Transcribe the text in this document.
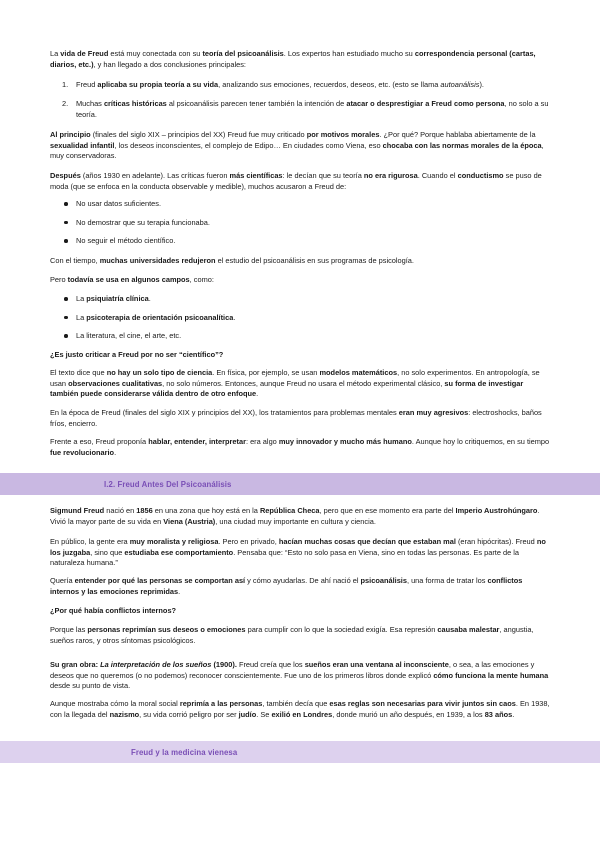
La vida de Freud está muy conectada con su teoría del psicoanálisis. Los expertos han estudiado mucho su correspondencia personal (cartas, diarios, etc.), y han llegado a dos conclusiones principales:

1. Freud aplicaba su propia teoría a su vida, analizando sus emociones, recuerdos, deseos, etc. (esto se llama autoanálisis).
2. Muchas críticas históricas al psicoanálisis parecen tener también la intención de atacar o desprestigiar a Freud como persona, no solo a su teoría.

Al principio (finales del siglo XIX – principios del XX) Freud fue muy criticado por motivos morales. ¿Por qué? Porque hablaba abiertamente de la sexualidad infantil, los deseos inconscientes, el complejo de Edipo… En ciudades como Viena, eso chocaba con las normas morales de la época, muy conservadoras.

Después (años 1930 en adelante). Las críticas fueron más científicas: le decían que su teoría no era rigurosa. Cuando el conductismo se puso de moda (que se enfoca en la conducta observable y medible), muchos acusaron a Freud de:

No usar datos suficientes.
No demostrar que su terapia funcionaba.
No seguir el método científico.

Con el tiempo, muchas universidades redujeron el estudio del psicoanálisis en sus programas de psicología.

Pero todavía se usa en algunos campos, como:

La psiquiatría clínica.
La psicoterapia de orientación psicoanalítica.
La literatura, el cine, el arte, etc.

¿Es justo criticar a Freud por no ser “científico”?

El texto dice que no hay un solo tipo de ciencia. En física, por ejemplo, se usan modelos matemáticos, no solo experimentos. En antropología, se usan observaciones cualitativas, no solo números. Entonces, aunque Freud no usara el método experimental clásico, su forma de investigar también puede considerarse válida dentro de otro enfoque.

En la época de Freud (finales del siglo XIX y principios del XX), los tratamientos para problemas mentales eran muy agresivos: electroshocks, baños fríos, encierro.

Frente a eso, Freud proponía hablar, entender, interpretar: era algo muy innovador y mucho más humano. Aunque hoy lo critiquemos, en su tiempo fue revolucionario.

I.2. Freud Antes Del Psicoanálisis

Sigmund Freud nació en 1856 en una zona que hoy está en la República Checa, pero que en ese momento era parte del Imperio Austrohúngaro. Vivió la mayor parte de su vida en Viena (Austria), una ciudad muy importante en cultura y ciencia.

En público, la gente era muy moralista y religiosa. Pero en privado, hacían muchas cosas que decían que estaban mal (eran hipócritas). Freud no los juzgaba, sino que estudiaba ese comportamiento. Pensaba que: “Esto no solo pasa en Viena, sino en todas las personas. Es parte de la naturaleza humana.”

Quería entender por qué las personas se comportan así y cómo ayudarlas. De ahí nació el psicoanálisis, una forma de tratar los conflictos internos y las emociones reprimidas.

¿Por qué había conflictos internos?

Porque las personas reprimían sus deseos o emociones para cumplir con lo que la sociedad exigía. Esa represión causaba malestar, angustia, sueños raros, y otros síntomas psicológicos.

Su gran obra: La interpretación de los sueños (1900). Freud creía que los sueños eran una ventana al inconsciente, o sea, a las emociones y deseos que no queremos (o no podemos) reconocer conscientemente. Fue uno de los primeros libros donde explicó cómo funciona la mente humana desde su punto de vista.

Aunque mostraba cómo la moral social reprimía a las personas, también decía que esas reglas son necesarias para vivir juntos sin caos. En 1938, con la llegada del nazismo, su vida corrió peligro por ser judío. Se exilió en Londres, donde murió un año después, en 1939, a los 83 años.

Freud y la medicina vienesa
